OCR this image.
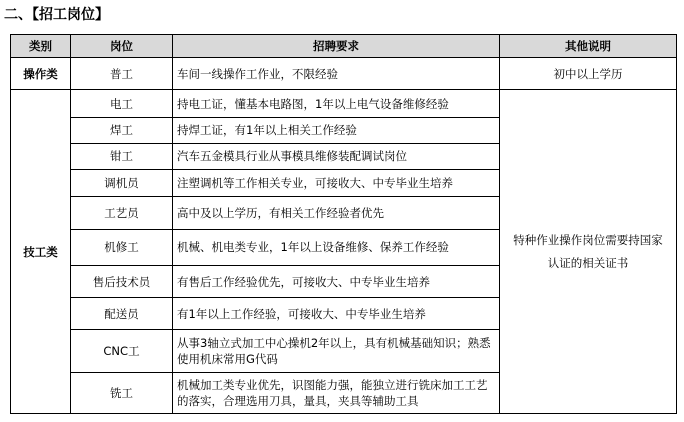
二、【招工岗位】
类别	岗位	招聘要求	其他说明
操作类	普工	车间一线操作工作业，不限经验	初中以上学历
技工类	电工	持电工证，懂基本电路图，1年以上电气设备维修经验	特种作业操作岗位需要持国家认证的相关证书
	焊工	持焊工证，有1年以上相关工作经验	
	钳工	汽车五金模具行业从事模具维修装配调试岗位	
	调机员	注塑调机等工作相关专业，可接收大、中专毕业生培养	
	工艺员	高中及以上学历，有相关工作经验者优先	
	机修工	机械、机电类专业，1年以上设备维修、保养工作经验	
	售后技术员	有售后工作经验优先，可接收大、中专毕业生培养	
	配送员	有1年以上工作经验，可接收大、中专毕业生培养	
	CNC工	从事3轴立式加工中心操机2年以上，具有机械基础知识；熟悉使用机床常用G代码	
	铣工	机械加工类专业优先，识图能力强，能独立进行铣床加工工艺的落实，合理选用刀具，量具，夹具等辅助工具	
